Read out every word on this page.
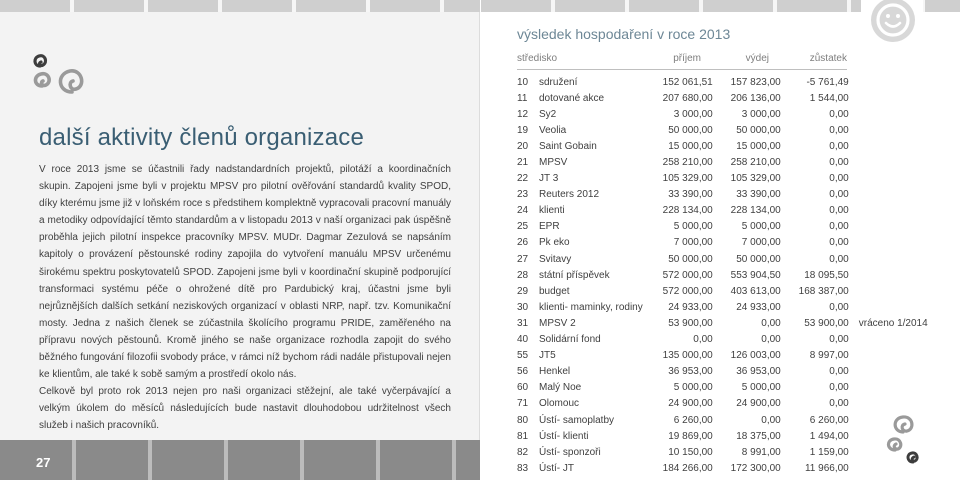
další aktivity členů organizace

V roce 2013 jsme se účastnili řady nadstandardních projektů, pilotáží a koordinačních skupin. Zapojeni jsme byli v projektu MPSV pro pilotní ověřování standardů kvality SPOD, díky kterému jsme již v loňském roce s předstihem komplektně vypracovali pracovní manuály a metodiky odpovídající těmto standardům a v listopadu 2013 v naší organizaci pak úspěšně proběhla jejich pilotní inspekce pracovníky MPSV. MUDr. Dagmar Zezulová se napsáním kapitoly o provázení pěstounské rodiny zapojila do vytvoření manuálu MPSV určenému širokému spektru poskytovatelů SPOD. Zapojeni jsme byli v koordinační skupině podporující transformaci systému péče o ohrožené dítě pro Pardubický kraj, účastni jsme byli nejrůznějších dalších setkání neziskových organizací v oblasti NRP, např. tzv. Komunikační mosty. Jedna z našich členek se zúčastnila školícího programu PRIDE, zaměřeného na přípravu nových pěstounů. Kromě jiného se naše organizace rozhodla zapojit do svého běžného fungování filozofii svobody práce, v rámci níž bychom rádi nadále přistupovali nejen ke klientům, ale také k sobě samým a prostředí okolo nás.

Celkově byl proto rok 2013 nejen pro naši organizaci stěžejní, ale také vyčerpávající a velkým úkolem do měsíců následujících bude nastavit dlouhodobou udržitelnost všech služeb i našich pracovníků.

27
výsledek hospodaření v roce 2013
středisko	příjem	výdej	zůstatek
10	sdružení	152 061,51	157 823,00	-5 761,49	
11	dotované akce	207 680,00	206 136,00	1 544,00	
12	Sy2	3 000,00	3 000,00	0,00	
19	Veolia	50 000,00	50 000,00	0,00	
20	Saint Gobain	15 000,00	15 000,00	0,00	
21	MPSV	258 210,00	258 210,00	0,00	
22	JT 3	105 329,00	105 329,00	0,00	
23	Reuters 2012	33 390,00	33 390,00	0,00	
24	klienti	228 134,00	228 134,00	0,00	
25	EPR	5 000,00	5 000,00	0,00	
26	Pk eko	7 000,00	7 000,00	0,00	
27	Svitavy	50 000,00	50 000,00	0,00	
28	státní příspěvek	572 000,00	553 904,50	18 095,50	
29	budget	572 000,00	403 613,00	168 387,00	
30	klienti- maminky, rodiny	24 933,00	24 933,00	0,00	
31	MPSV 2	53 900,00	0,00	53 900,00	vráceno 1/2014
40	Solidární fond	0,00	0,00	0,00	
55	JT5	135 000,00	126 003,00	8 997,00	
56	Henkel	36 953,00	36 953,00	0,00	
60	Malý Noe	5 000,00	5 000,00	0,00	
71	Olomouc	24 900,00	24 900,00	0,00	
80	Ústí- samoplatby	6 260,00	0,00	6 260,00	
81	Ústí- klienti	19 869,00	18 375,00	1 494,00	
82	Ústí- sponzoři	10 150,00	8 991,00	1 159,00	
83	Ústí- JT	184 266,00	172 300,00	11 966,00	
